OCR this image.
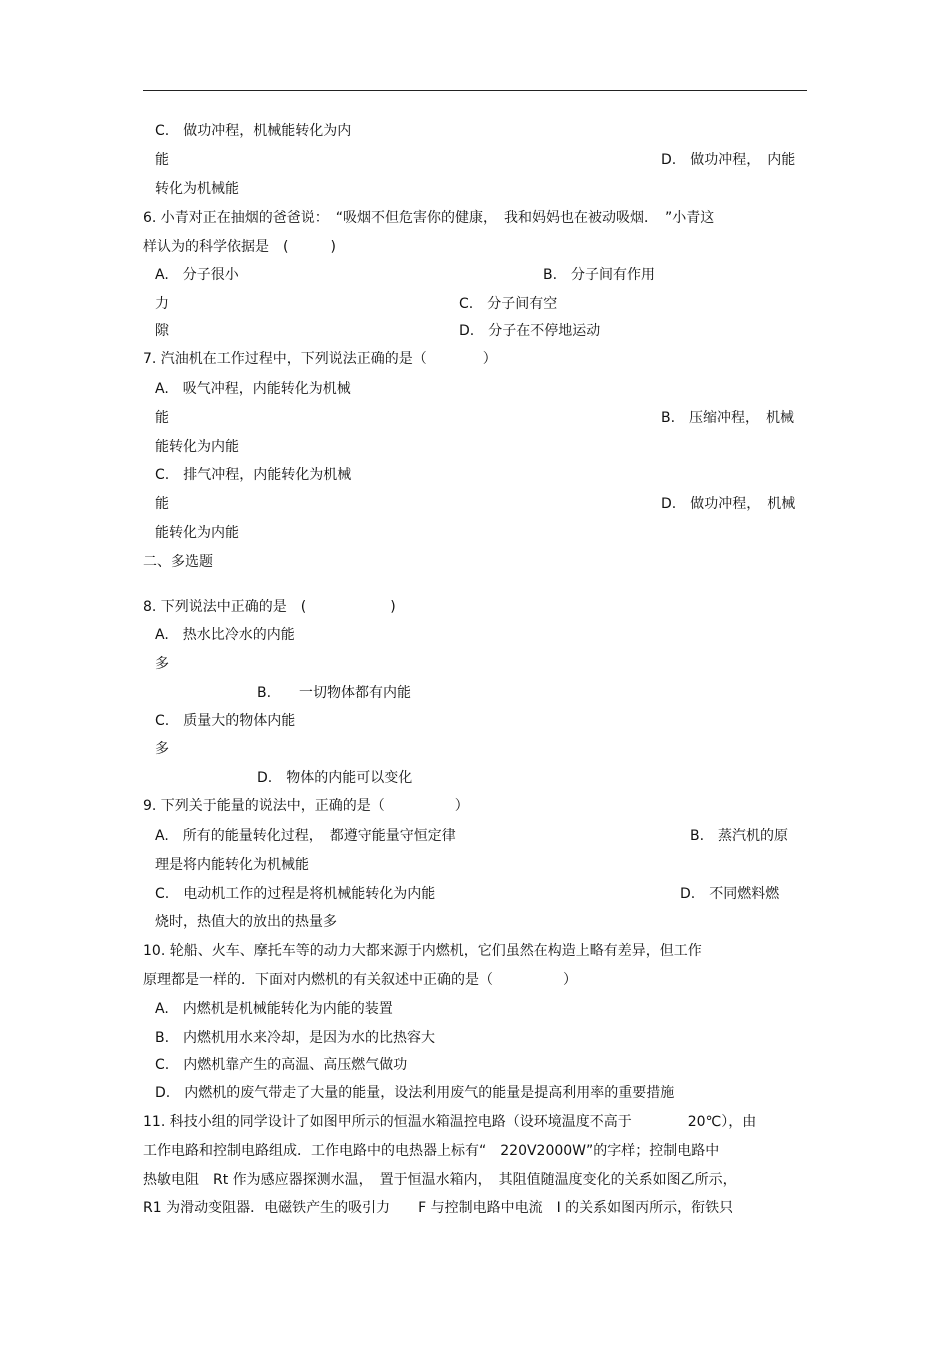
C.　做功冲程，机械能转化为内
能	D.　做功冲程，　内能
转化为机械能
6. 小青对正在抽烟的爸爸说：　“吸烟不但危害你的健康，　我和妈妈也在被动吸烟．　”小青这
样认为的科学依据是　(　　　)
A.　分子很小	B.　分子间有作用
力	C.　分子间有空
隙	D.　分子在不停地运动
7. 汽油机在工作过程中，下列说法正确的是（　　　　）
A.　吸气冲程，内能转化为机械
能	B.　压缩冲程，　机械
能转化为内能
C.　排气冲程，内能转化为机械
能	D.　做功冲程，　机械
能转化为内能
二、多选题
8. 下列说法中正确的是　(　　　　　　)
A.　热水比冷水的内能
多
B.　　一切物体都有内能
C.　质量大的物体内能
多
D.　物体的内能可以变化
9. 下列关于能量的说法中，正确的是（　　　　　）
A.　所有的能量转化过程，　都遵守能量守恒定律	B.　蒸汽机的原
理是将内能转化为机械能
C.　电动机工作的过程是将机械能转化为内能	D.　不同燃料燃
烧时，热值大的放出的热量多
10. 轮船、火车、摩托车等的动力大都来源于内燃机，它们虽然在构造上略有差异，但工作
原理都是一样的．下面对内燃机的有关叙述中正确的是（　　　　　）
A.　内燃机是机械能转化为内能的装置
B.　内燃机用水来冷却，是因为水的比热容大
C.　内燃机靠产生的高温、高压燃气做功
D.　内燃机的废气带走了大量的能量，设法利用废气的能量是提高利用率的重要措施
11. 科技小组的同学设计了如图甲所示的恒温水箱温控电路（设环境温度不高于　　　　20℃），由
工作电路和控制电路组成．工作电路中的电热器上标有“　220V2000W”的字样；控制电路中
热敏电阻　Rt 作为感应器探测水温，　置于恒温水箱内，　其阻值随温度变化的关系如图乙所示，
R1 为滑动变阻器．电磁铁产生的吸引力　　F 与控制电路中电流　I 的关系如图丙所示，衔铁只
